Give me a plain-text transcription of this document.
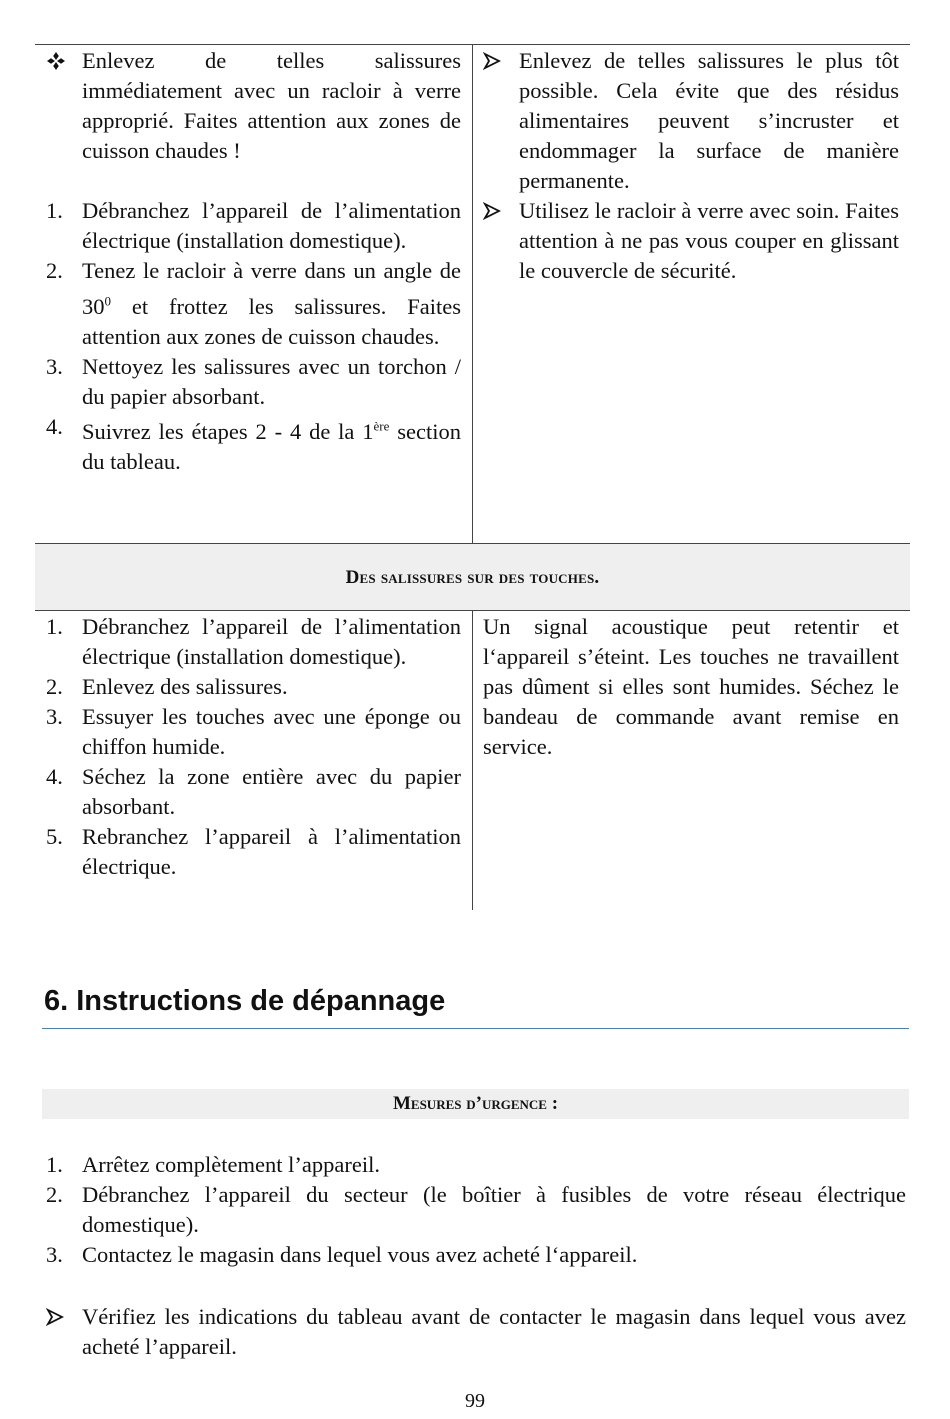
Enlevez de telles salissures immédiatement avec un racloir à verre approprié. Faites attention aux zones de cuisson chaudes !
1. Débranchez l’appareil de l’alimentation électrique (installation domestique).
2. Tenez le racloir à verre dans un angle de $30^0$ et frottez les salissures. Faites attention aux zones de cuisson chaudes.
3. Nettoyez les salissures avec un torchon / du papier absorbant.
4. Suivrez les étapes 2 - 4 de la 1ère section du tableau.
Enlevez de telles salissures le plus tôt possible. Cela évite que des résidus alimentaires peuvent s’incruster et endommager la surface de manière permanente.
Utilisez le racloir à verre avec soin. Faites attention à ne pas vous couper en glissant le couvercle de sécurité.
Des salissures sur des touches.
1. Débranchez l’appareil de l’alimentation électrique (installation domestique).
2. Enlevez des salissures.
3. Essuyer les touches avec une éponge ou chiffon humide.
4. Séchez la zone entière avec du papier absorbant.
5. Rebranchez l’appareil à l’alimentation électrique.
Un signal acoustique peut retentir et l‘appareil s’éteint. Les touches ne travaillent pas dûment si elles sont humides. Séchez le bandeau de commande avant remise en service.
6. Instructions de dépannage
Mesures d’urgence :
1. Arrêtez complètement l’appareil.
2. Débranchez l’appareil du secteur (le boîtier à fusibles de votre réseau électrique domestique).
3. Contactez le magasin dans lequel vous avez acheté l‘appareil.
Vérifiez les indications du tableau avant de contacter le magasin dans lequel vous avez acheté l’appareil.
99
